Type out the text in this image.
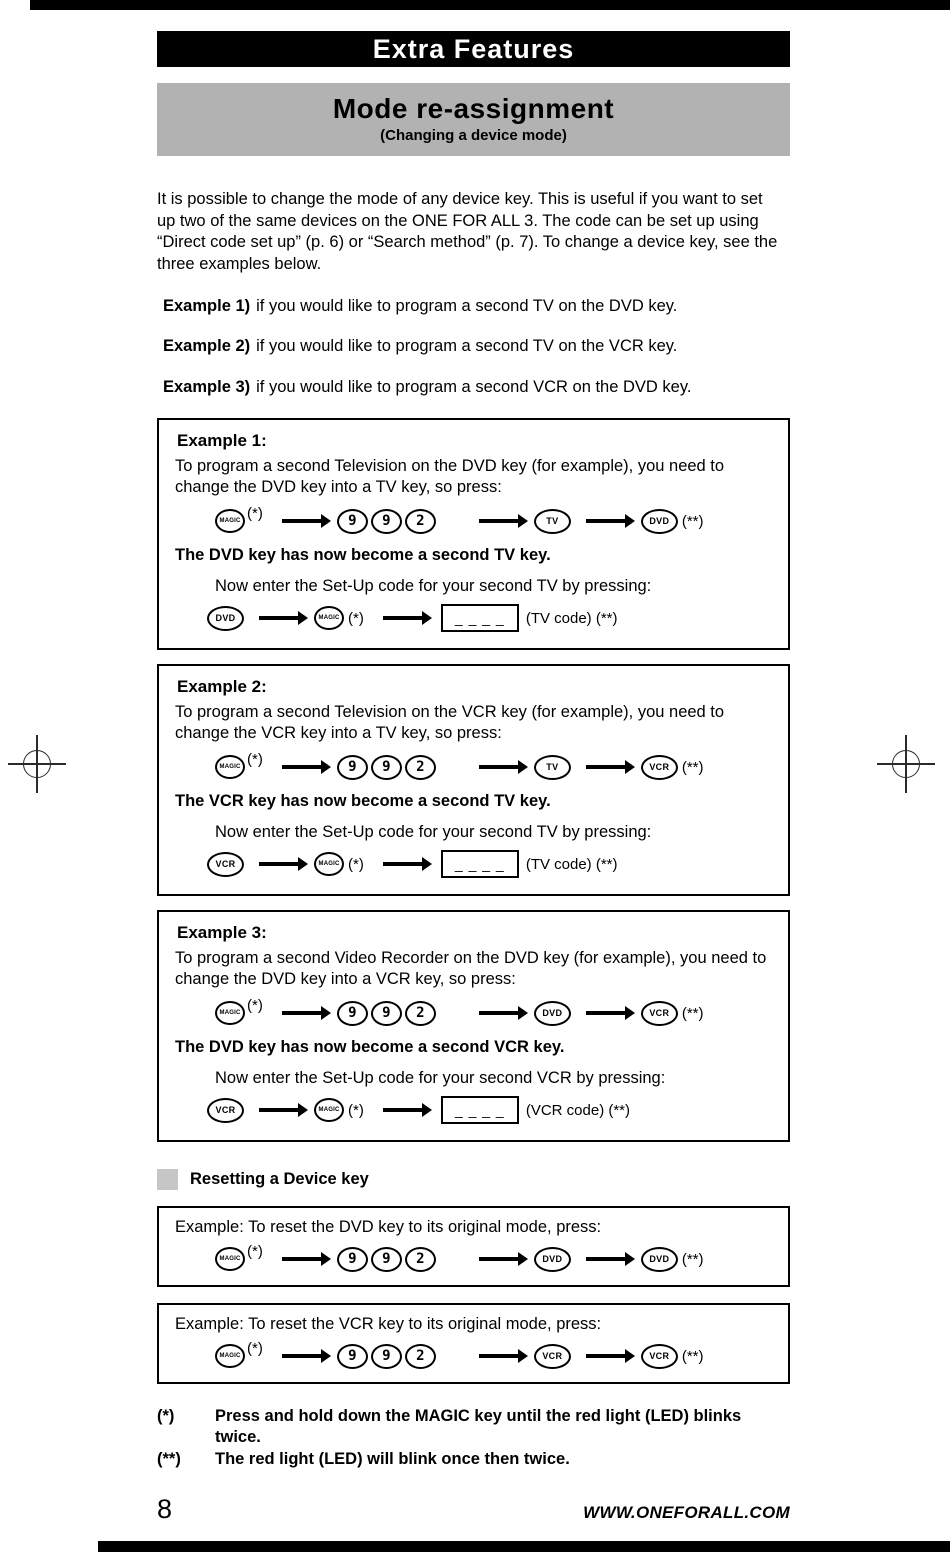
Extra Features
Mode re-assignment
(Changing a device mode)

It is possible to change the mode of any device key. This is useful if you want to set up two of the same devices on the ONE FOR ALL 3. The code can be set up using “Direct code set up” (p. 6) or “Search method” (p. 7). To change a device key, see the three examples below.

Example 1) if you would like to program a second TV on the DVD key.
Example 2) if you would like to program a second TV on the VCR key.
Example 3) if you would like to program a second VCR on the DVD key.
Example 1:

To program a second Television on the DVD key (for example), you need to change the DVD key into a TV key, so press:

MAGIC (*)	9	9	2	TV	DVD (**)

The DVD key has now become a second TV key.

Now enter the Set-Up code for your second TV by pressing:

DVD	MAGIC (*)	_ _ _ _	(TV code) (**)
Example 2:

To program a second Television on the VCR key (for example), you need to change the VCR key into a TV key, so press:

MAGIC (*)	9	9	2	TV	VCR (**)

The VCR key has now become a second TV key.

Now enter the Set-Up code for your second TV by pressing:

VCR	MAGIC (*)	_ _ _ _	(TV code) (**)
Example 3:

To program a second Video Recorder on the DVD key (for example), you need to change the DVD key into a VCR key, so press:

MAGIC (*)	9	9	2	DVD	VCR (**)

The DVD key has now become a second VCR key.

Now enter the Set-Up code for your second VCR by pressing:

VCR	MAGIC (*)	_ _ _ _	(VCR code) (**)
Resetting a Device key

Example: To reset the DVD key to its original mode, press:

MAGIC (*)	9	9	2	DVD	DVD (**)

Example: To reset the VCR key to its original mode, press:

MAGIC (*)	9	9	2	VCR	VCR (**)
(*)	Press and hold down the MAGIC key until the red light (LED) blinks twice.
(**)	The red light (LED) will blink once then twice.
8	WWW.ONEFORALL.COM
